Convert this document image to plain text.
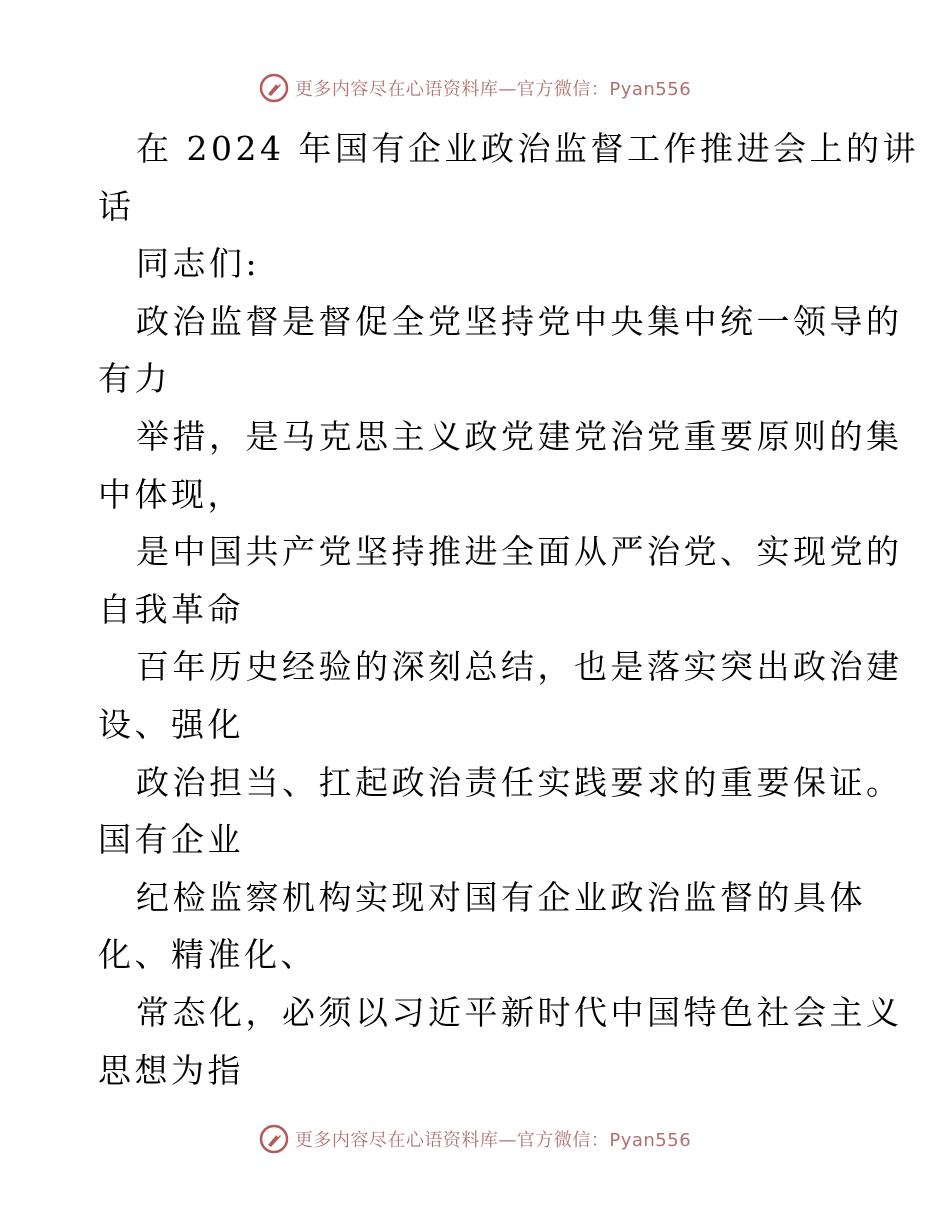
更多内容尽在心语资料库—官方微信：Pyan556
在 2024 年国有企业政治监督工作推进会上的讲
话
同志们:
政治监督是督促全党坚持党中央集中统一领导的
有力
举措，是马克思主义政党建党治党重要原则的集
中体现，
是中国共产党坚持推进全面从严治党、实现党的
自我革命
百年历史经验的深刻总结，也是落实突出政治建
设、强化
政治担当、扛起政治责任实践要求的重要保证。
国有企业
纪检监察机构实现对国有企业政治监督的具体
化、精准化、
常态化，必须以习近平新时代中国特色社会主义
思想为指
更多内容尽在心语资料库—官方微信：Pyan556
